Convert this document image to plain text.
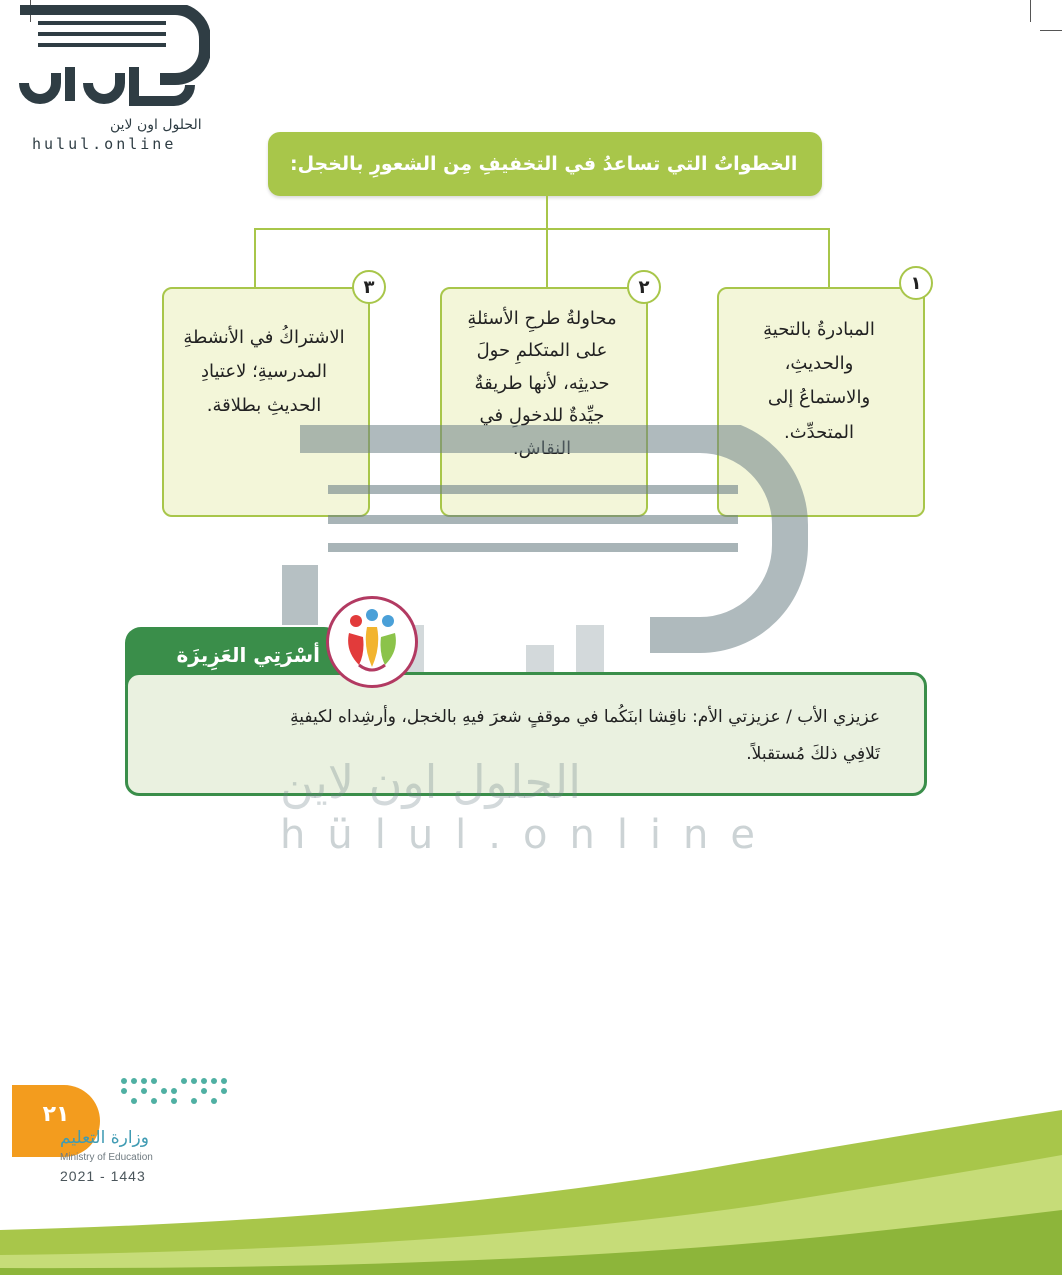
الحلول اون لاين
hulul.online
الخطواتُ التي تساعدُ في التخفيفِ مِن الشعورِ بالخجل:
المبادرةُ بالتحيةِ
والحديثِ،
والاستماعُ إلى
المتحدِّث.
١
محاولةُ طرحِ الأسئلةِ
على المتكلمِ حولَ
حديثِه، لأنها طريقةٌ
جيِّدةٌ للدخولِ في
النقاش.
٢
الاشتراكُ في الأنشطةِ
المدرسيةِ؛ لاعتيادِ
الحديثِ بطلاقة.
٣
أسْرَتِي العَزِيزَة
عزيزي الأب / عزيزتي الأم: ناقِشا ابنَكُما في موقفٍ شعرَ فيهِ بالخجل، وأرشِداه لكيفيةِ
تَلافِي ذلكَ مُستقبلاً.
الحلول اون لاين
hülul.online
٢١
وزارة التعليم
Ministry of Education
2021 - 1443
